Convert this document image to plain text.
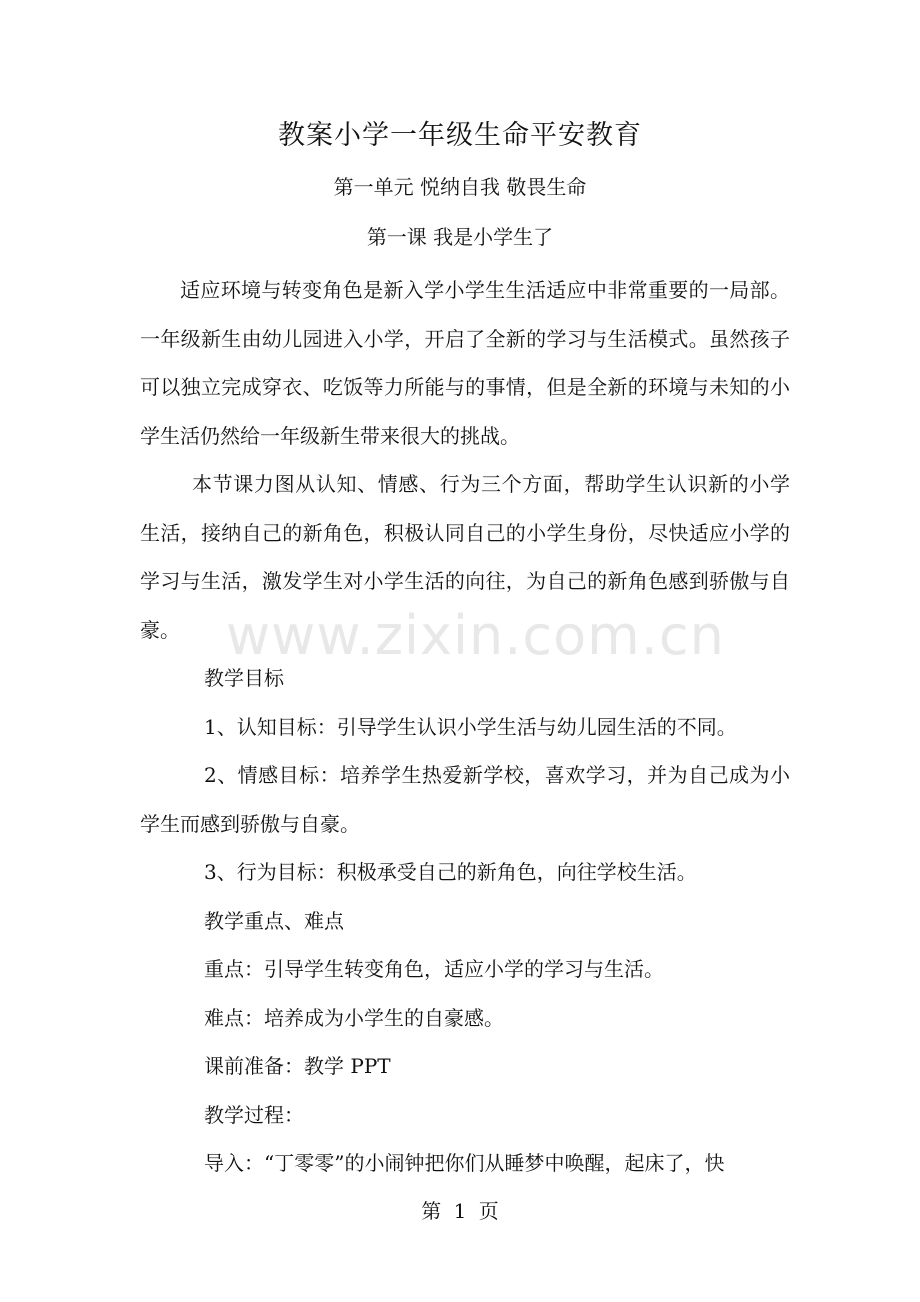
教案小学一年级生命平安教育
第一单元 悦纳自我 敬畏生命
第一课 我是小学生了

适应环境与转变角色是新入学小学生生活适应中非常重要的一局部。一年级新生由幼儿园进入小学，开启了全新的学习与生活模式。虽然孩子可以独立完成穿衣、吃饭等力所能与的事情，但是全新的环境与未知的小学生活仍然给一年级新生带来很大的挑战。

本节课力图从认知、情感、行为三个方面，帮助学生认识新的小学生活，接纳自己的新角色，积极认同自己的小学生身份，尽快适应小学的学习与生活，激发学生对小学生活的向往，为自己的新角色感到骄傲与自豪。

教学目标

1、认知目标：引导学生认识小学生活与幼儿园生活的不同。

2、情感目标：培养学生热爱新学校，喜欢学习，并为自己成为小学生而感到骄傲与自豪。

3、行为目标：积极承受自己的新角色，向往学校生活。

教学重点、难点

重点：引导学生转变角色，适应小学的学习与生活。

难点：培养成为小学生的自豪感。

课前准备：教学 PPT

教学过程：

导入：“丁零零”的小闹钟把你们从睡梦中唤醒，起床了，快

www.zixin.com.cn
第 1 页
